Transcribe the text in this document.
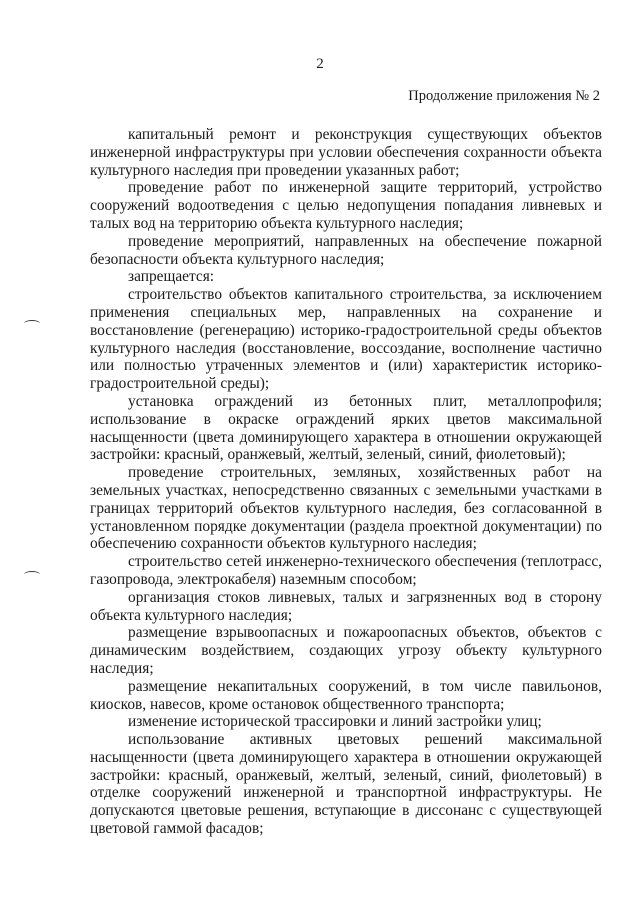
2
Продолжение приложения № 2

капитальный ремонт и реконструкция существующих объектов инженерной инфраструктуры при условии обеспечения сохранности объекта культурного наследия при проведении указанных работ;

проведение работ по инженерной защите территорий, устройство сооружений водоотведения с целью недопущения попадания ливневых и талых вод на территорию объекта культурного наследия;

проведение мероприятий, направленных на обеспечение пожарной безопасности объекта культурного наследия;

запрещается:

строительство объектов капитального строительства, за исключением применения специальных мер, направленных на сохранение и восстановление (регенерацию) историко-градостроительной среды объектов культурного наследия (восстановление, воссоздание, восполнение частично или полностью утраченных элементов и (или) характеристик историко-градостроительной среды);

установка ограждений из бетонных плит, металлопрофиля; использование в окраске ограждений ярких цветов максимальной насыщенности (цвета доминирующего характера в отношении окружающей застройки: красный, оранжевый, желтый, зеленый, синий, фиолетовый);

проведение строительных, земляных, хозяйственных работ на земельных участках, непосредственно связанных с земельными участками в границах территорий объектов культурного наследия, без согласованной в установленном порядке документации (раздела проектной документации) по обеспечению сохранности объектов культурного наследия;

строительство сетей инженерно-технического обеспечения (теплотрасс, газопровода, электрокабеля) наземным способом;

организация стоков ливневых, талых и загрязненных вод в сторону объекта культурного наследия;

размещение взрывоопасных и пожароопасных объектов, объектов с динамическим воздействием, создающих угрозу объекту культурного наследия;

размещение некапитальных сооружений, в том числе павильонов, киосков, навесов, кроме остановок общественного транспорта;

изменение исторической трассировки и линий застройки улиц;

использование активных цветовых решений максимальной насыщенности (цвета доминирующего характера в отношении окружающей застройки: красный, оранжевый, желтый, зеленый, синий, фиолетовый) в отделке сооружений инженерной и транспортной инфраструктуры. Не допускаются цветовые решения, вступающие в диссонанс с существующей цветовой гаммой фасадов;
